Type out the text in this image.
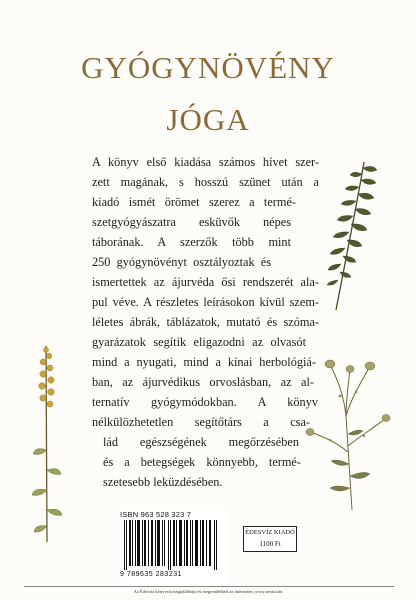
GYÓGYNÖVÉNY
JÓGA
A könyv első kiadása számos hívet szer-
zett magának, s hosszú szünet után a
kiadó ismét örömet szerez a termé-
szetgyógyászatra esküvők népes
táborának. A szerzők több mint
250 gyógynövényt osztályoztak és
ismertettek az ájurvéda ősi rendszerét ala-
pul véve. A részletes leírásokon kívül szem-
léletes ábrák, táblázatok, mutató és szóma-
gyarázatok segítik eligazodni az olvasót
mind a nyugati, mind a kínai herbológiá-
ban, az ájurvédikus orvoslásban, az al-
ternatív gyógymódokban. A könyv
nélkülözhetetlen segítőtárs a csa-
lád egészségének megőrzésében
és a betegségek könnyebb, termé-
szetesebb leküzdésében.
ISBN 963 528 323 7
9 789635 283231
ÉDESVÍZ KIADÓ
1100 Ft
Az Édesvíz könyveit megtalálhatja és megrendelheti az interneten: www.nextra.hu
